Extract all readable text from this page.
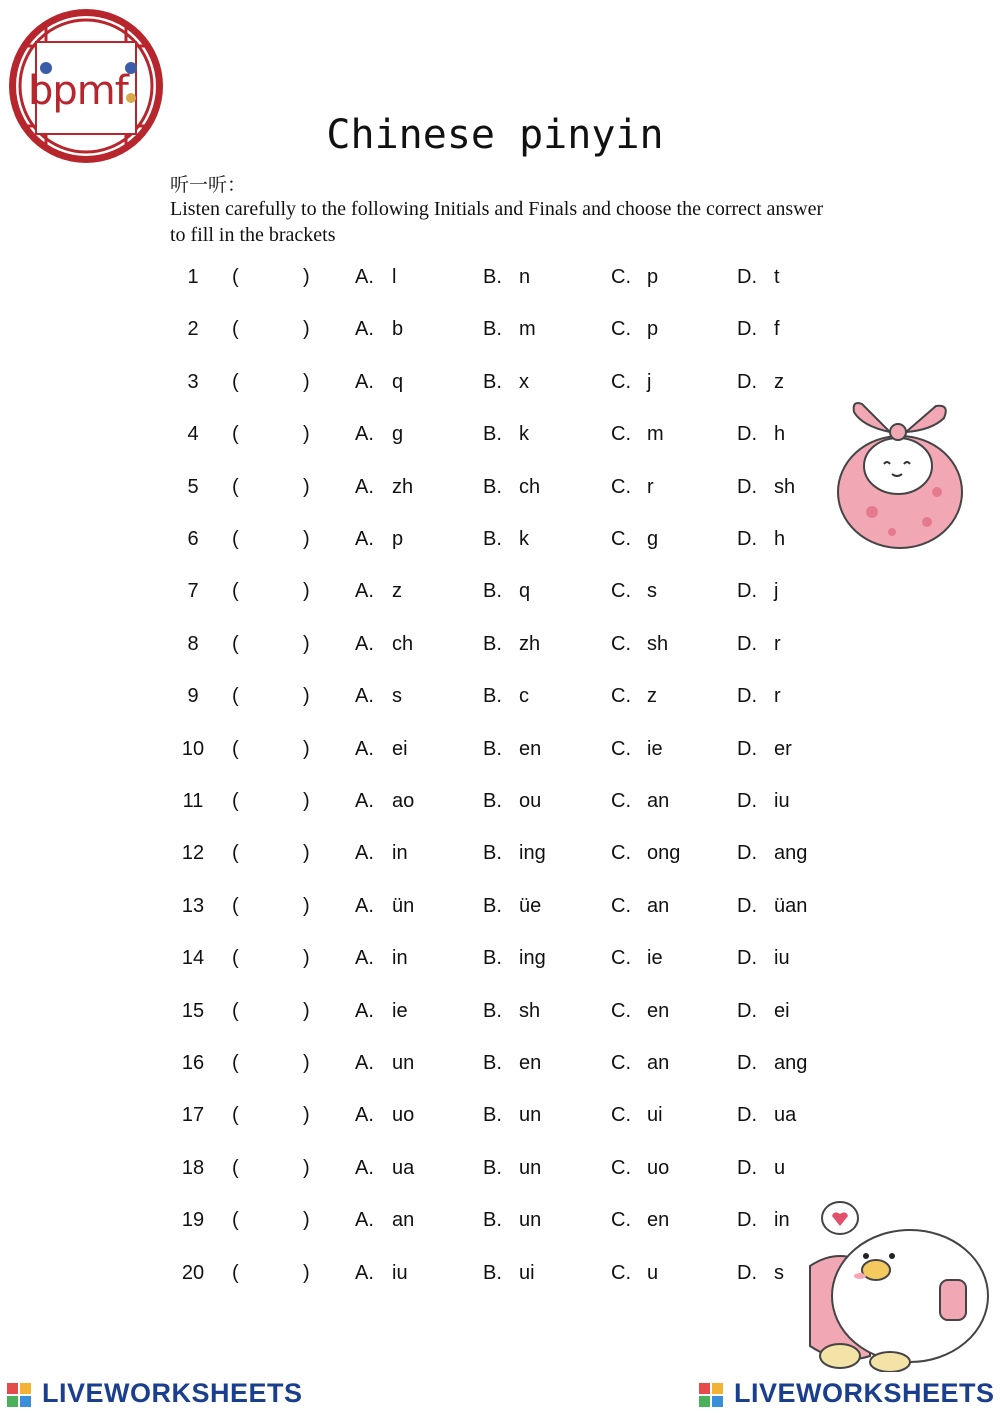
bpmf
Chinese pinyin
听一听：
Listen carefully to the following Initials and Finals and choose the correct answer to fill in the brackets
1	(	) A. l	B. n	C. p	D. t
2	(	) A. b	B. m	C. p	D. f
3	(	) A. q	B. x	C. j	D. z
4	(	) A. g	B. k	C. m	D. h
5	(	) A. zh	B. ch	C. r	D. sh
6	(	) A. p	B. k	C. g	D. h
7	(	) A. z	B. q	C. s	D. j
8	(	) A. ch	B. zh	C. sh	D. r
9	(	) A. s	B. c	C. z	D. r
10 (	) A. ei	B. en	C. ie	D. er
11 (	) A. ao	B. ou	C. an	D. iu
12 (	) A. in	B. ing	C. ong	D. ang
13 (	) A. ün	B. üe	C. an	D. üan
14 (	) A. in	B. ing	C. ie	D. iu
15 (	) A. ie	B. sh	C. en	D. ei
16 (	) A. un	B. en	C. an	D. ang
17 (	) A. uo	B. un	C. ui	D. ua
18 (	) A. ua	B. un	C. uo	D. u
19 (	) A. an	B. un	C. en	D. in
20 (	) A. iu	B. ui	C. u	D. s
LIVEWORKSHEETS	LIVEWORKSHEETS
